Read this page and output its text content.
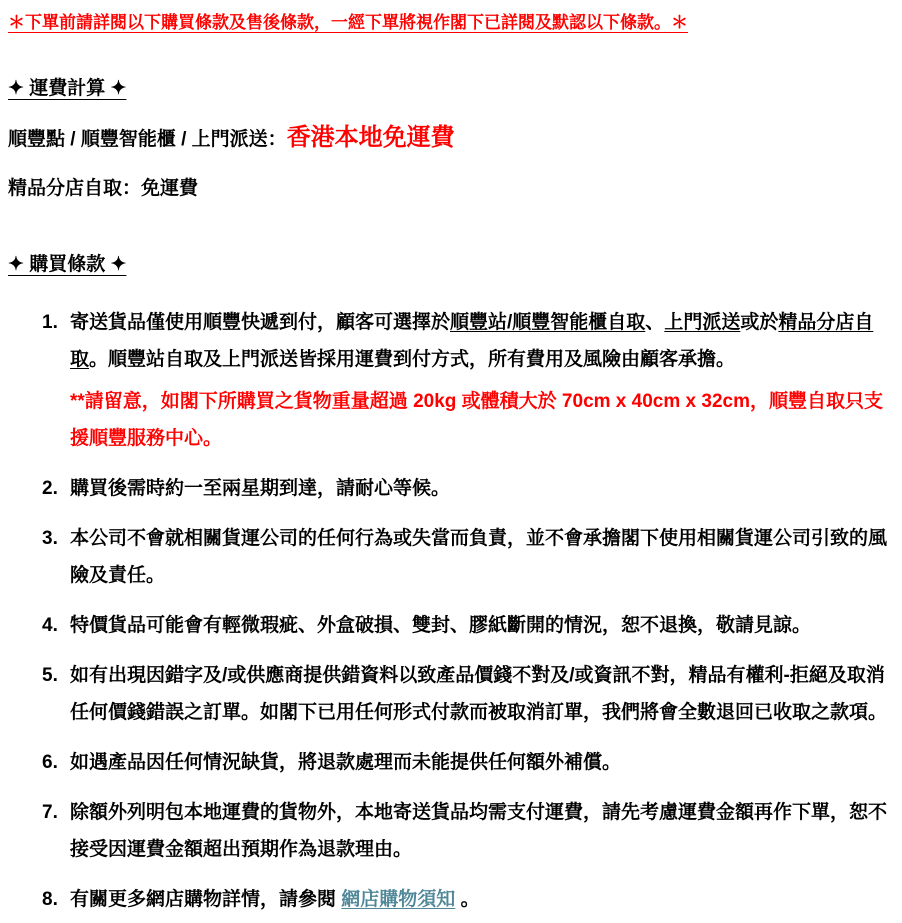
＊下單前請詳閱以下購買條款及售後條款，一經下單將視作閣下已詳閱及默認以下條款。＊

✦ 運費計算 ✦

順豐點 / 順豐智能櫃 / 上門派送：香港本地免運費

精品分店自取：免運費

✦ 購買條款 ✦
1. 寄送貨品僅使用順豐快遞到付，顧客可選擇於順豐站/順豐智能櫃自取、上門派送或於精品分店自取。順豐站自取及上門派送皆採用運費到付方式，所有費用及風險由顧客承擔。

**請留意，如閣下所購買之貨物重量超過 20kg 或體積大於 70cm x 40cm x 32cm，順豐自取只支援順豐服務中心。

2. 購買後需時約一至兩星期到達，請耐心等候。

3. 本公司不會就相關貨運公司的任何行為或失當而負責，並不會承擔閣下使用相關貨運公司引致的風險及責任。

4. 特價貨品可能會有輕微瑕疵、外盒破損、雙封、膠紙斷開的情況，恕不退換，敬請見諒。

5. 如有出現因錯字及/或供應商提供錯資料以致產品價錢不對及/或資訊不對，精品有權利-拒絕及取消任何價錢錯誤之訂單。如閣下已用任何形式付款而被取消訂單，我們將會全數退回已收取之款項。

6. 如遇產品因任何情況缺貨，將退款處理而未能提供任何額外補償。

7. 除額外列明包本地運費的貨物外，本地寄送貨品均需支付運費，請先考慮運費金額再作下單，恕不接受因運費金額超出預期作為退款理由。

8. 有關更多網店購物詳情，請參閱 網店購物須知 。
